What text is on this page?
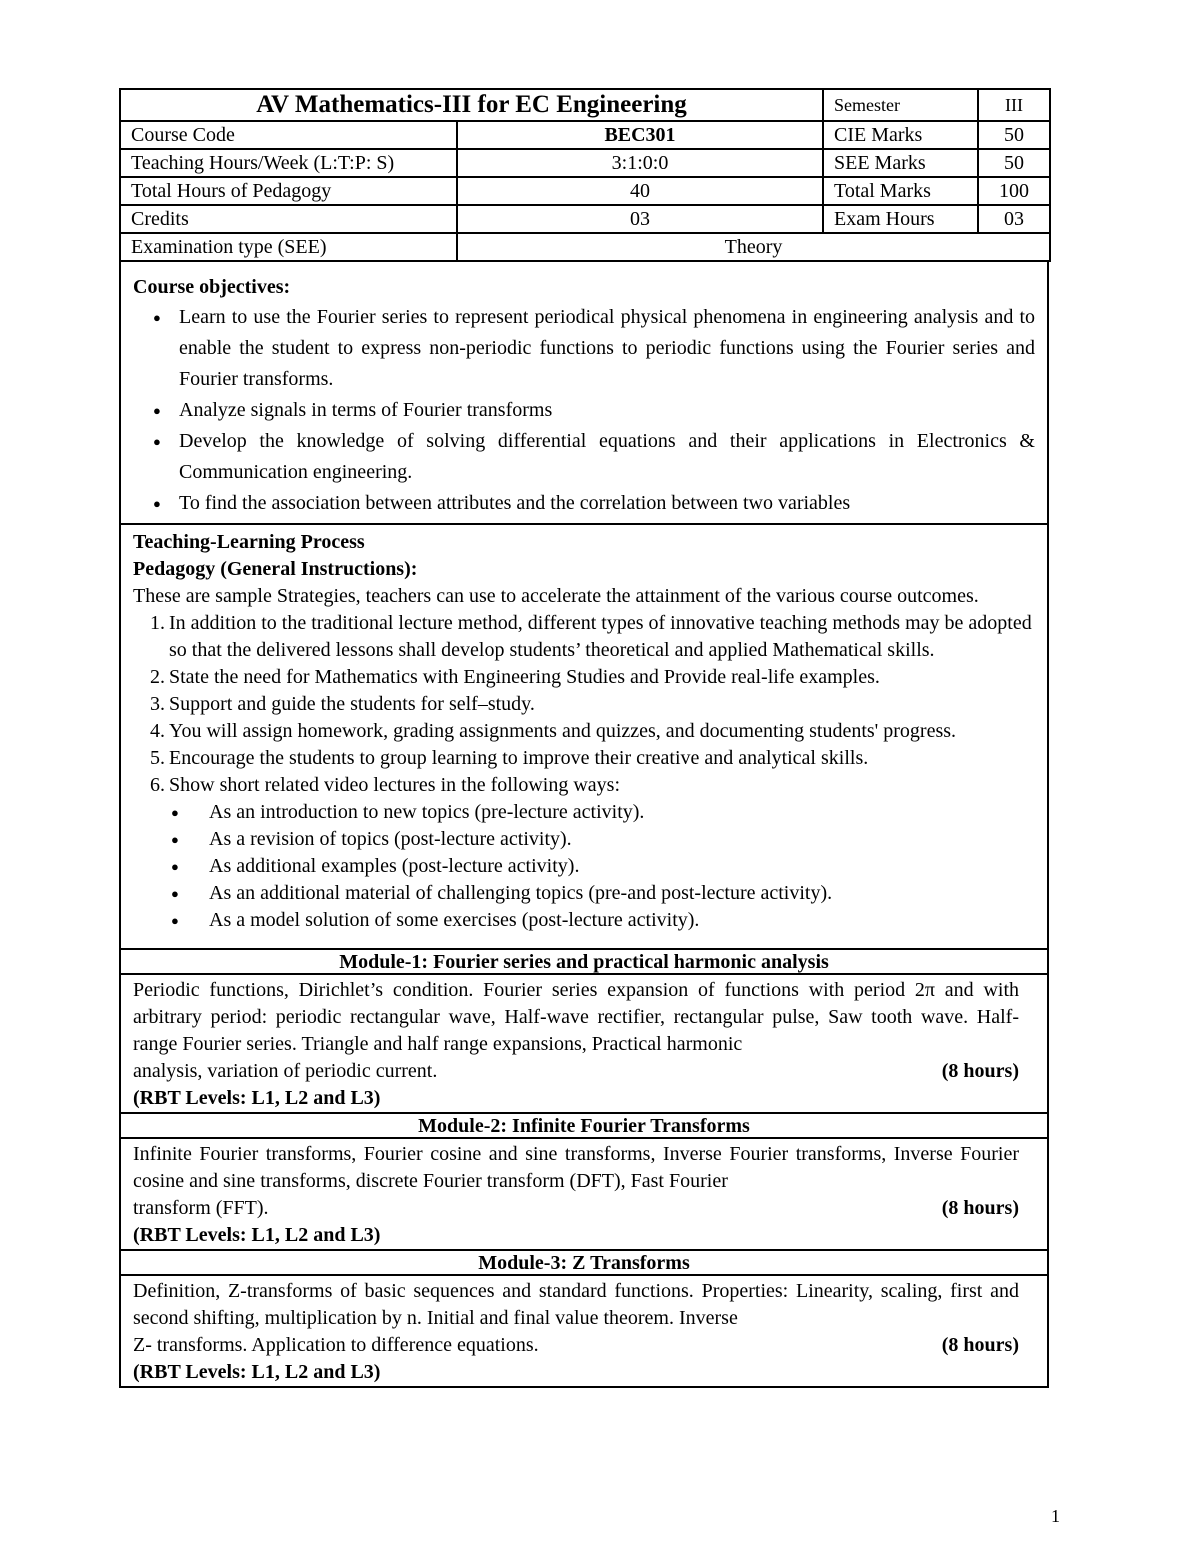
AV Mathematics-III for EC Engineering		Semester	III
Course Code	BEC301	CIE Marks	50
Teaching Hours/Week (L:T:P: S)	3:1:0:0	SEE Marks	50
Total Hours of Pedagogy	40	Total Marks	100
Credits	03	Exam Hours	03
Examination type (SEE)	Theory		
Course objectives:
● Learn to use the Fourier series to represent periodical physical phenomena in engineering analysis and to enable the student to express non-periodic functions to periodic functions using the Fourier series and Fourier transforms.
● Analyze signals in terms of Fourier transforms
● Develop the knowledge of solving differential equations and their applications in Electronics & Communication engineering.
● To find the association between attributes and the correlation between two variables
Teaching-Learning Process
Pedagogy (General Instructions):
These are sample Strategies, teachers can use to accelerate the attainment of the various course outcomes.
1. In addition to the traditional lecture method, different types of innovative teaching methods may be adopted so that the delivered lessons shall develop students’ theoretical and applied Mathematical skills.
2. State the need for Mathematics with Engineering Studies and Provide real-life examples.
3. Support and guide the students for self–study.
4. You will assign homework, grading assignments and quizzes, and documenting students' progress.
5. Encourage the students to group learning to improve their creative and analytical skills.
6. Show short related video lectures in the following ways:
● As an introduction to new topics (pre-lecture activity).
● As a revision of topics (post-lecture activity).
● As additional examples (post-lecture activity).
● As an additional material of challenging topics (pre-and post-lecture activity).
● As a model solution of some exercises (post-lecture activity).
Module-1: Fourier series and practical harmonic analysis
Periodic functions, Dirichlet’s condition. Fourier series expansion of functions with period 2π and with arbitrary period: periodic rectangular wave, Half-wave rectifier, rectangular pulse, Saw tooth wave. Half-range Fourier series. Triangle and half range expansions, Practical harmonic
analysis, variation of periodic current.	(8 hours)
(RBT Levels: L1, L2 and L3)
Module-2: Infinite Fourier Transforms
Infinite Fourier transforms, Fourier cosine and sine transforms, Inverse Fourier transforms, Inverse Fourier cosine and sine transforms, discrete Fourier transform (DFT), Fast Fourier
transform (FFT).	(8 hours)
(RBT Levels: L1, L2 and L3)
Module-3: Z Transforms
Definition, Z-transforms of basic sequences and standard functions. Properties: Linearity, scaling, first and second shifting, multiplication by n. Initial and final value theorem. Inverse
Z- transforms. Application to difference equations.	(8 hours)
(RBT Levels: L1, L2 and L3)
1
